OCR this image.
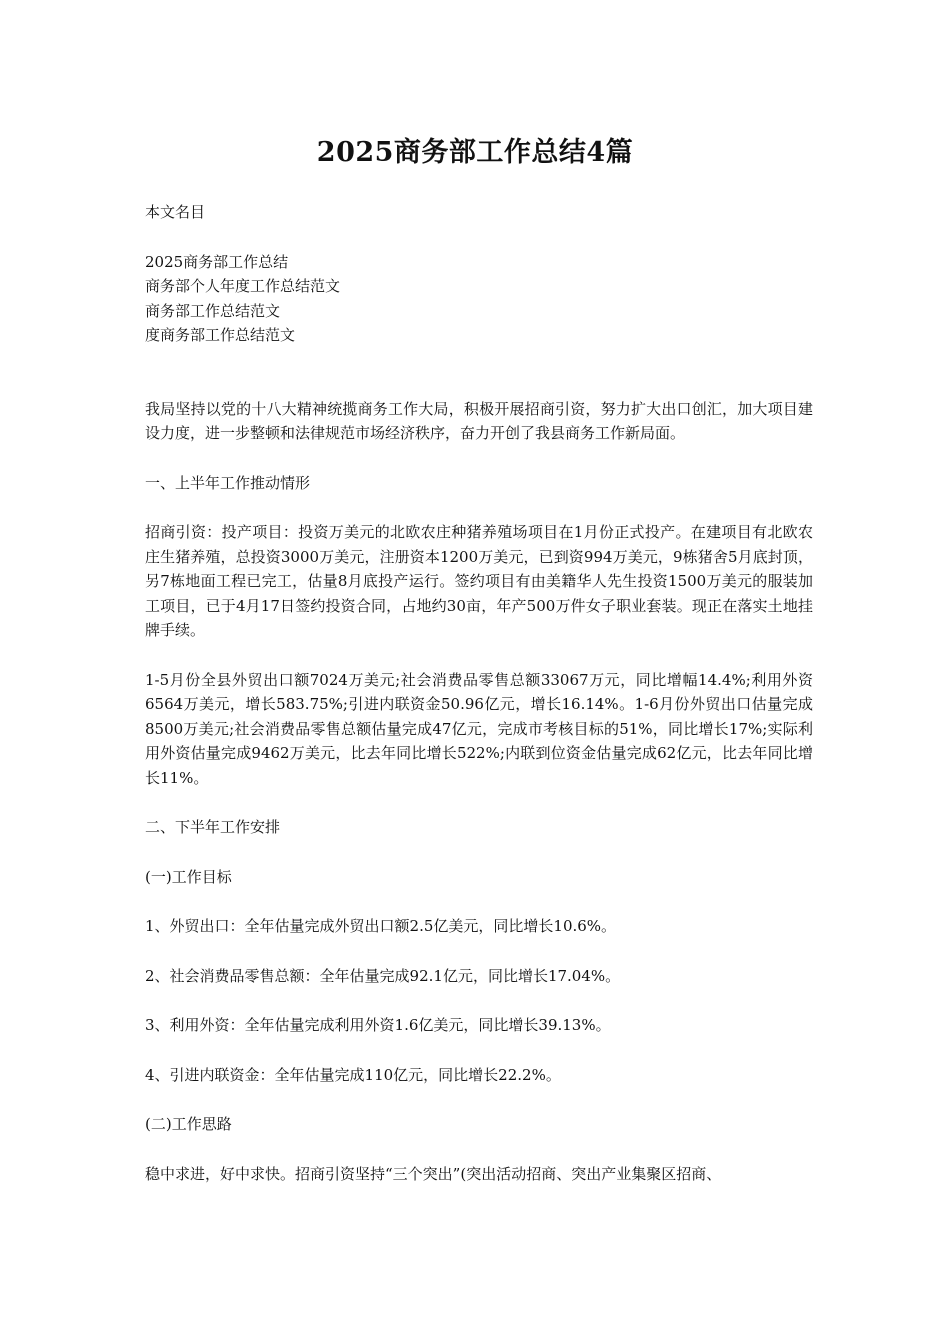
2025商务部工作总结4篇

本文名目

2025商务部工作总结
商务部个人年度工作总结范文
商务部工作总结范文
度商务部工作总结范文

我局坚持以党的十八大精神统揽商务工作大局，积极开展招商引资，努力扩大出口创汇，加大项目建设力度，进一步整顿和法律规范市场经济秩序，奋力开创了我县商务工作新局面。

一、上半年工作推动情形

招商引资：投产项目：投资万美元的北欧农庄种猪养殖场项目在1月份正式投产。在建项目有北欧农庄生猪养殖，总投资3000万美元，注册资本1200万美元，已到资994万美元，9栋猪舍5月底封顶，另7栋地面工程已完工，估量8月底投产运行。签约项目有由美籍华人先生投资1500万美元的服装加工项目，已于4月17日签约投资合同，占地约30亩，年产500万件女子职业套装。现正在落实土地挂牌手续。

1-5月份全县外贸出口额7024万美元;社会消费品零售总额33067万元，同比增幅14.4%;利用外资6564万美元，增长583.75%;引进内联资金50.96亿元，增长16.14%。1-6月份外贸出口估量完成8500万美元;社会消费品零售总额估量完成47亿元，完成市考核目标的51%，同比增长17%;实际利用外资估量完成9462万美元，比去年同比增长522%;内联到位资金估量完成62亿元，比去年同比增长11%。

二、下半年工作安排

(一)工作目标

1、外贸出口：全年估量完成外贸出口额2.5亿美元，同比增长10.6%。

2、社会消费品零售总额：全年估量完成92.1亿元，同比增长17.04%。

3、利用外资：全年估量完成利用外资1.6亿美元，同比增长39.13%。

4、引进内联资金：全年估量完成110亿元，同比增长22.2%。

(二)工作思路

稳中求进，好中求快。招商引资坚持“三个突出”(突出活动招商、突出产业集聚区招商、
